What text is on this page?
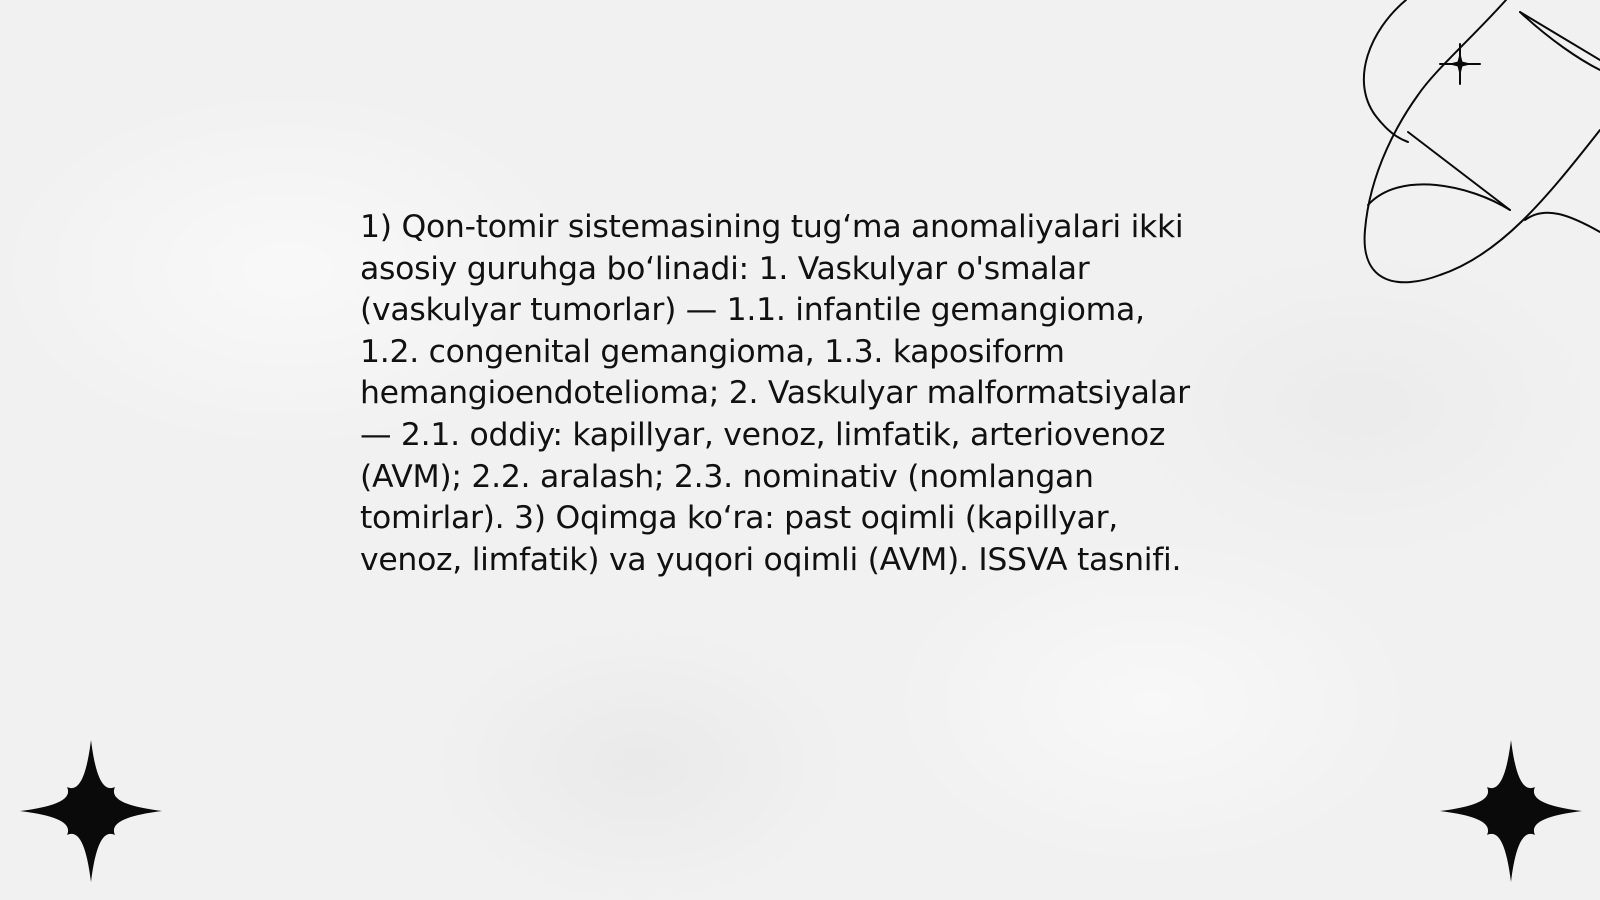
1) Qon-tomir sistemasining tug‘ma anomaliyalari ikki
asosiy guruhga bo‘linadi: 1. Vaskulyar o'smalar
(vaskulyar tumorlar) — 1.1. infantile gemangioma,
1.2. congenital gemangioma, 1.3. kaposiform
hemangioendotelioma; 2. Vaskulyar malformatsiyalar
— 2.1. oddiy: kapillyar, venoz, limfatik, arteriovenoz
(AVM); 2.2. aralash; 2.3. nominativ (nomlangan
tomirlar). 3) Oqimga ko‘ra: past oqimli (kapillyar,
venoz, limfatik) va yuqori oqimli (AVM). ISSVA tasnifi.
